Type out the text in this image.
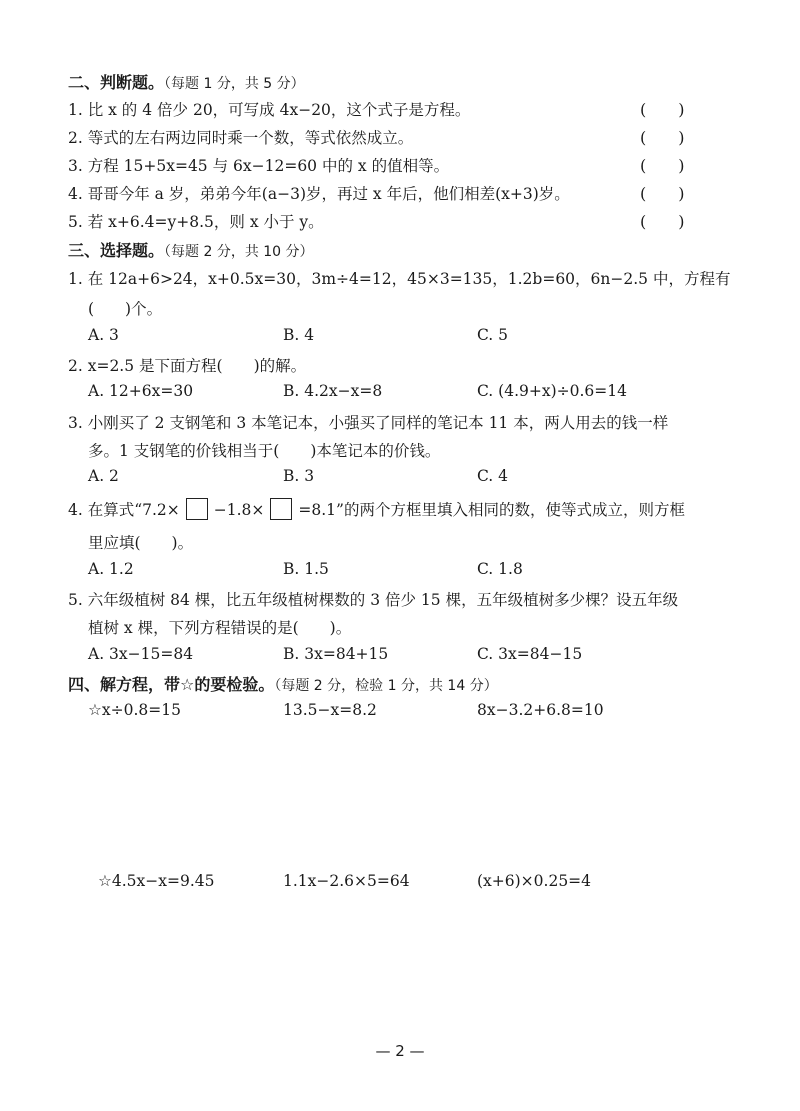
二、判断题。（每题 1 分，共 5 分）
1. 比 x 的 4 倍少 20，可写成 4x−20，这个式子是方程。	(　　)
2. 等式的左右两边同时乘一个数，等式依然成立。	(　　)
3. 方程 15+5x=45 与 6x−12=60 中的 x 的值相等。	(　　)
4. 哥哥今年 a 岁，弟弟今年(a−3)岁，再过 x 年后，他们相差(x+3)岁。	(　　)
5. 若 x+6.4=y+8.5，则 x 小于 y。	(　　)
三、选择题。（每题 2 分，共 10 分）
1. 在 12a+6>24，x+0.5x=30，3m÷4=12，45×3=135，1.2b=60，6n−2.5 中，方程有
(　　)个。
A. 3	B. 4	C. 5
2. x=2.5 是下面方程(　　)的解。
A. 12+6x=30	B. 4.2x−x=8	C. (4.9+x)÷0.6=14
3. 小刚买了 2 支钢笔和 3 本笔记本，小强买了同样的笔记本 11 本，两人用去的钱一样
多。1 支钢笔的价钱相当于(　　)本笔记本的价钱。
A. 2	B. 3	C. 4
4. 在算式“7.2× −1.8× =8.1”的两个方框里填入相同的数，使等式成立，则方框
里应填(　　)。
A. 1.2	B. 1.5	C. 1.8
5. 六年级植树 84 棵，比五年级植树棵数的 3 倍少 15 棵，五年级植树多少棵？设五年级
植树 x 棵，下列方程错误的是(　　)。
A. 3x−15=84	B. 3x=84+15	C. 3x=84−15
四、解方程，带☆的要检验。（每题 2 分，检验 1 分，共 14 分）
☆x÷0.8=15	13.5−x=8.2	8x−3.2+6.8=10
☆4.5x−x=9.45	1.1x−2.6×5=64	(x+6)×0.25=4
— 2 —
